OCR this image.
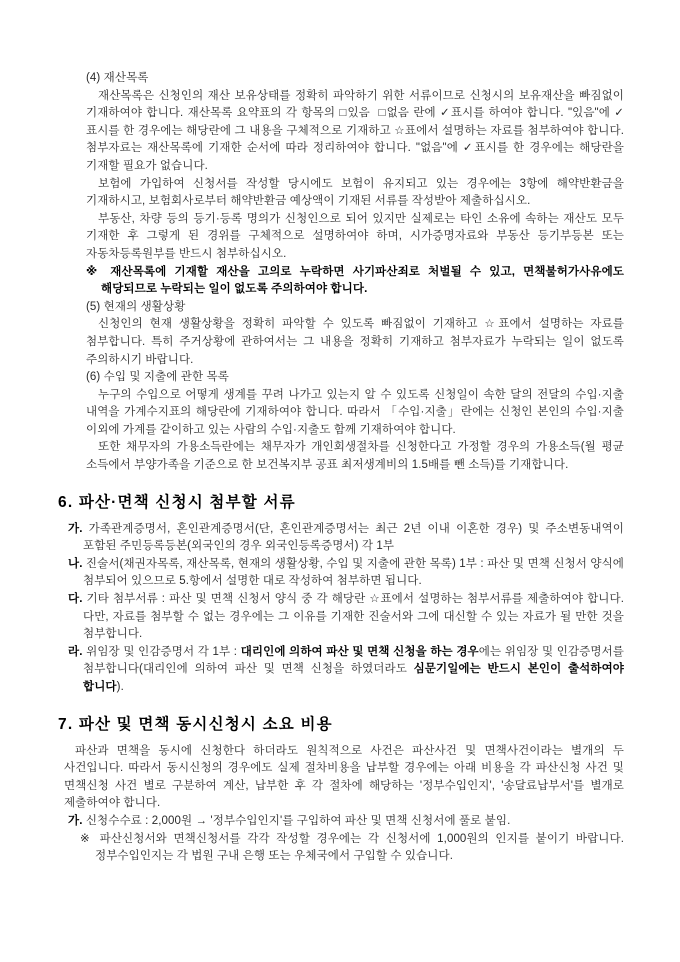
(4) 재산목록
재산목록은 신청인의 재산 보유상태를 정확히 파악하기 위한 서류이므로 신청시의 보유재산을 빠짐없이 기재하여야 합니다. 재산목록 요약표의 각 항목의 □있음  □없음 란에 ✓표시를 하여야 합니다. "있음"에 ✓표시를 한 경우에는 해당란에 그 내용을 구체적으로 기재하고 ☆표에서 설명하는 자료를 첨부하여야 합니다. 첨부자료는 재산목록에 기재한 순서에 따라 정리하여야 합니다. "없음"에 ✓표시를 한 경우에는 해당란을 기재할 필요가 없습니다.
보험에 가입하여 신청서를 작성할 당시에도 보험이 유지되고 있는 경우에는 3항에 해약반환금을 기재하시고, 보험회사로부터 해약반환금 예상액이 기재된 서류를 작성받아 제출하십시오.
부동산, 차량 등의 등기·등록 명의가 신청인으로 되어 있지만 실제로는 타인 소유에 속하는 재산도 모두 기재한 후 그렇게 된 경위를 구체적으로 설명하여야 하며, 시가증명자료와 부동산 등기부등본 또는 자동차등록원부를 반드시 첨부하십시오.
※ 재산목록에 기재할 재산을 고의로 누락하면 사기파산죄로 처벌될 수 있고, 면책불허가사유에도 해당되므로 누락되는 일이 없도록 주의하여야 합니다.
(5) 현재의 생활상황
신청인의 현재 생활상황을 정확히 파악할 수 있도록 빠짐없이 기재하고 ☆표에서 설명하는 자료를 첨부합니다. 특히 주거상황에 관하여서는 그 내용을 정확히 기재하고 첨부자료가 누락되는 일이 없도록 주의하시기 바랍니다.
(6) 수입 및 지출에 관한 목록
누구의 수입으로 어떻게 생계를 꾸려 나가고 있는지 알 수 있도록 신청일이 속한 달의 전달의 수입·지출 내역을 가계수지표의 해당란에 기재하여야 합니다. 따라서 「수입·지출」란에는 신청인 본인의 수입·지출 이외에 가계를 같이하고 있는 사람의 수입·지출도 함께 기재하여야 합니다.
또한 채무자의 가용소득란에는 채무자가 개인회생절차를 신청한다고 가정할 경우의 가용소득(월 평균 소득에서 부양가족을 기준으로 한 보건복지부 공표 최저생계비의 1.5배를 뺀 소득)를 기재합니다.
6. 파산·면책 신청시 첨부할 서류
가. 가족관계증명서, 혼인관계증명서(단, 혼인관계증명서는 최근 2년 이내 이혼한 경우) 및 주소변동내역이 포함된 주민등록등본(외국인의 경우 외국인등록증명서) 각 1부
나. 진술서(채권자목록, 재산목록, 현재의 생활상황, 수입 및 지출에 관한 목록) 1부 : 파산 및 면책 신청서 양식에 첨부되어 있으므로 5.항에서 설명한 대로 작성하여 첨부하면 됩니다.
다. 기타 첨부서류 : 파산 및 면책 신청서 양식 중 각 해당란 ☆표에서 설명하는 첨부서류를 제출하여야 합니다. 다만, 자료를 첨부할 수 없는 경우에는 그 이유를 기재한 진술서와 그에 대신할 수 있는 자료가 될 만한 것을 첨부합니다.
라. 위임장 및 인감증명서 각 1부 : 대리인에 의하여 파산 및 면책 신청을 하는 경우에는 위임장 및 인감증명서를 첨부합니다(대리인에 의하여 파산 및 면책 신청을 하였더라도 심문기일에는 반드시 본인이 출석하여야 합니다).
7. 파산 및 면책 동시신청시 소요 비용
파산과 면책을 동시에 신청한다 하더라도 원칙적으로 사건은 파산사건 및 면책사건이라는 별개의 두 사건입니다. 따라서 동시신청의 경우에도 실제 절차비용을 납부할 경우에는 아래 비용을 각 파산신청 사건 및 면책신청 사건 별로 구분하여 계산, 납부한 후 각 절차에 해당하는 '정부수입인지', '송달료납부서'를 별개로 제출하여야 합니다.
가. 신청수수료 : 2,000원 → '정부수입인지'를 구입하여 파산 및 면책 신청서에 풀로 붙임.
※ 파산신청서와 면책신청서를 각각 작성할 경우에는 각 신청서에 1,000원의 인지를 붙이기 바랍니다. 정부수입인지는 각 법원 구내 은행 또는 우체국에서 구입할 수 있습니다.
